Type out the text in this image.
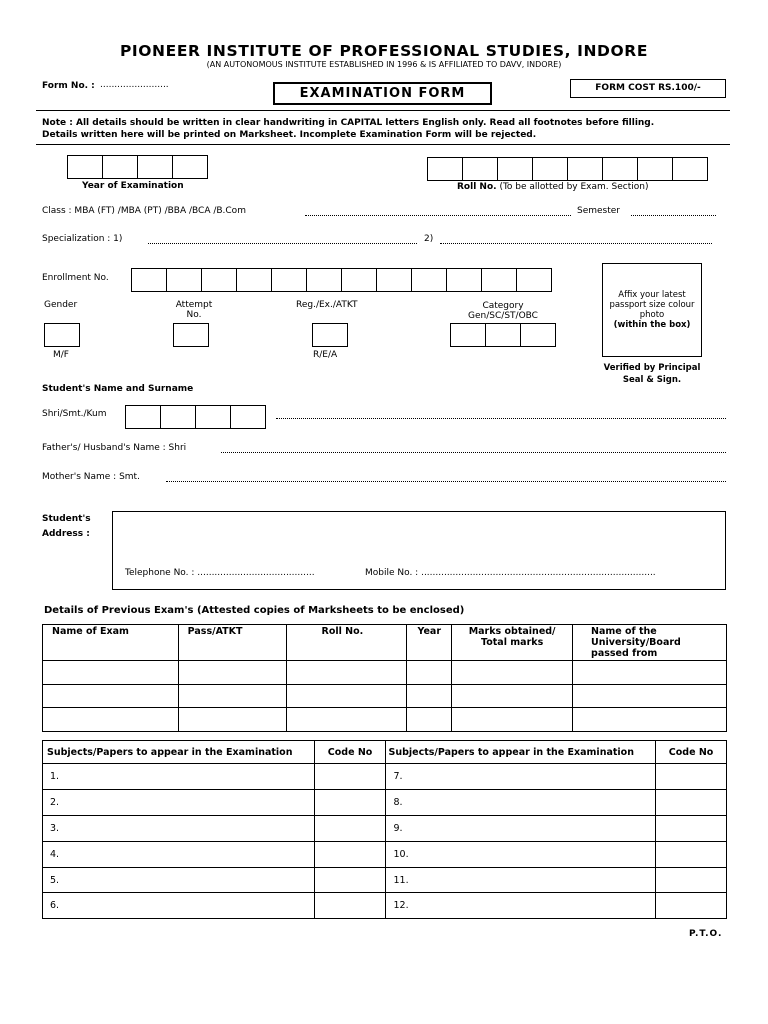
PIONEER INSTITUTE OF PROFESSIONAL STUDIES, INDORE
(AN AUTONOMOUS INSTITUTE ESTABLISHED IN 1996 & IS AFFILIATED TO DAVV, INDORE)
Form No. : ........................
EXAMINATION FORM	FORM COST RS.100/-
Note : All details should be written in clear handwriting in CAPITAL letters English only. Read all footnotes before filling.
Details written here will be printed on Marksheet. Incomplete Examination Form will be rejected.
Year of Examination	Roll No. (To be allotted by Exam. Section)
Class : MBA (FT) /MBA (PT) /BBA /BCA /B.Com	Semester
Specialization : 1)	2)
Enrollment No.
Affix your latest
passport size colour
photo
(within the box)
Verified by Principal
Seal & Sign.
Gender
M/F
Attempt
No.
Reg./Ex./ATKT
R/E/A
Category
Gen/SC/ST/OBC
Student's Name and Surname
Shri/Smt./Kum
Father's/ Husband's Name : Shri
Mother's Name : Smt.
Student's
Address :
Telephone No. : .........................................	Mobile No. : ..................................................................................
Details of Previous Exam's (Attested copies of Marksheets to be enclosed)
Name of Exam	Pass/ATKT	Roll No.	Year	Marks obtained/ Total marks	Name of the University/Board passed from

Subjects/Papers to appear in the Examination	Code No	Subjects/Papers to appear in the Examination	Code No
1.		7.	
2.		8.	
3.		9.	
4.		10.	
5.		11.	
6.		12.	
P.T.O.
